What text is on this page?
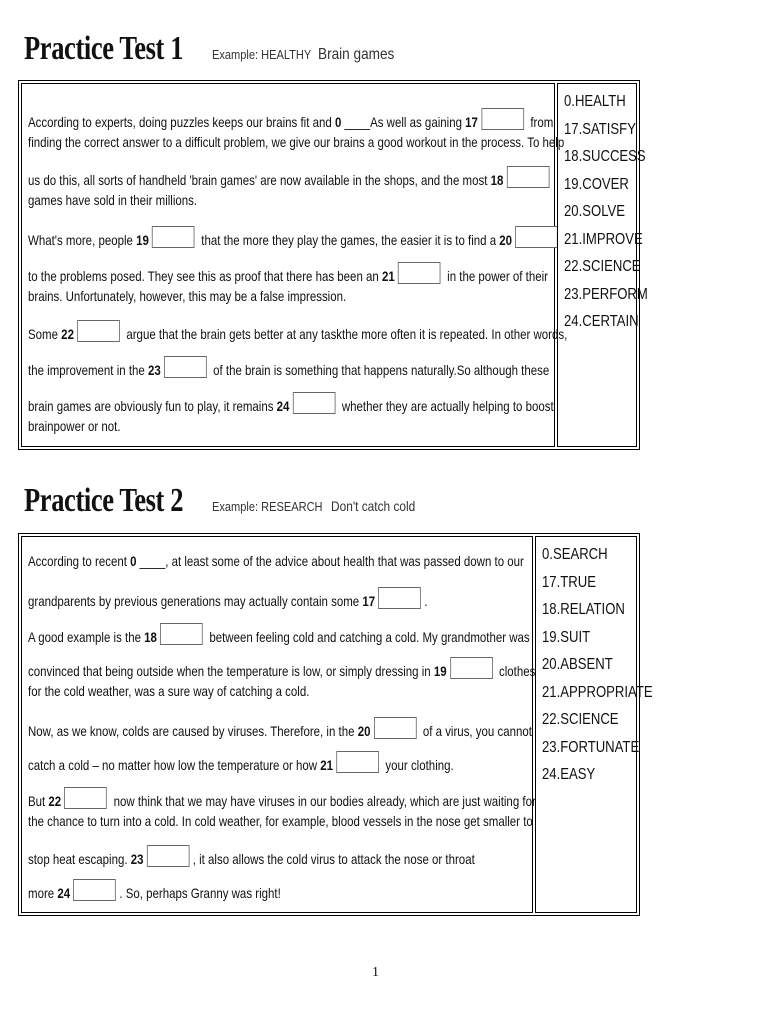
Practice Test 1 Example: HEALTHY Brain games
According to experts, doing puzzles keeps our brains fit and 0 ____As well as gaining 17	from
finding the correct answer to a difficult problem, we give our brains a good workout in the process. To help
us do this, all sorts of handheld 'brain games' are now available in the shops, and the most 18
games have sold in their millions.
What's more, people 19	that the more they play the games, the easier it is to find a 20
to the problems posed. They see this as proof that there has been an 21	in the power of their
brains. Unfortunately, however, this may be a false impression.
Some 22	argue that the brain gets better at any taskthe more often it is repeated. In other words,
the improvement in the 23	of the brain is something that happens naturally.So although these
brain games are obviously fun to play, it remains 24	whether they are actually helping to boost
brainpower or not.
0.HEALTH
17.SATISFY
18.SUCCESS
19.COVER
20.SOLVE
21.IMPROVE
22.SCIENCE
23.PERFORM
24.CERTAIN
Practice Test 2 Example: RESEARCH Don't catch cold
According to recent 0 ____, at least some of the advice about health that was passed down to our
grandparents by previous generations may actually contain some 17	.
A good example is the 18	between feeling cold and catching a cold. My grandmother was
convinced that being outside when the temperature is low, or simply dressing in 19	clothes
for the cold weather, was a sure way of catching a cold.
Now, as we know, colds are caused by viruses. Therefore, in the 20	of a virus, you cannot
catch a cold – no matter how low the temperature or how 21	your clothing.
But 22	now think that we may have viruses in our bodies already, which are just waiting for
the chance to turn into a cold. In cold weather, for example, blood vessels in the nose get smaller to
stop heat escaping. 23	, it also allows the cold virus to attack the nose or throat
more 24	. So, perhaps Granny was right!
0.SEARCH
17.TRUE
18.RELATION
19.SUIT
20.ABSENT
21.APPROPRIATE
22.SCIENCE
23.FORTUNATE
24.EASY
1
